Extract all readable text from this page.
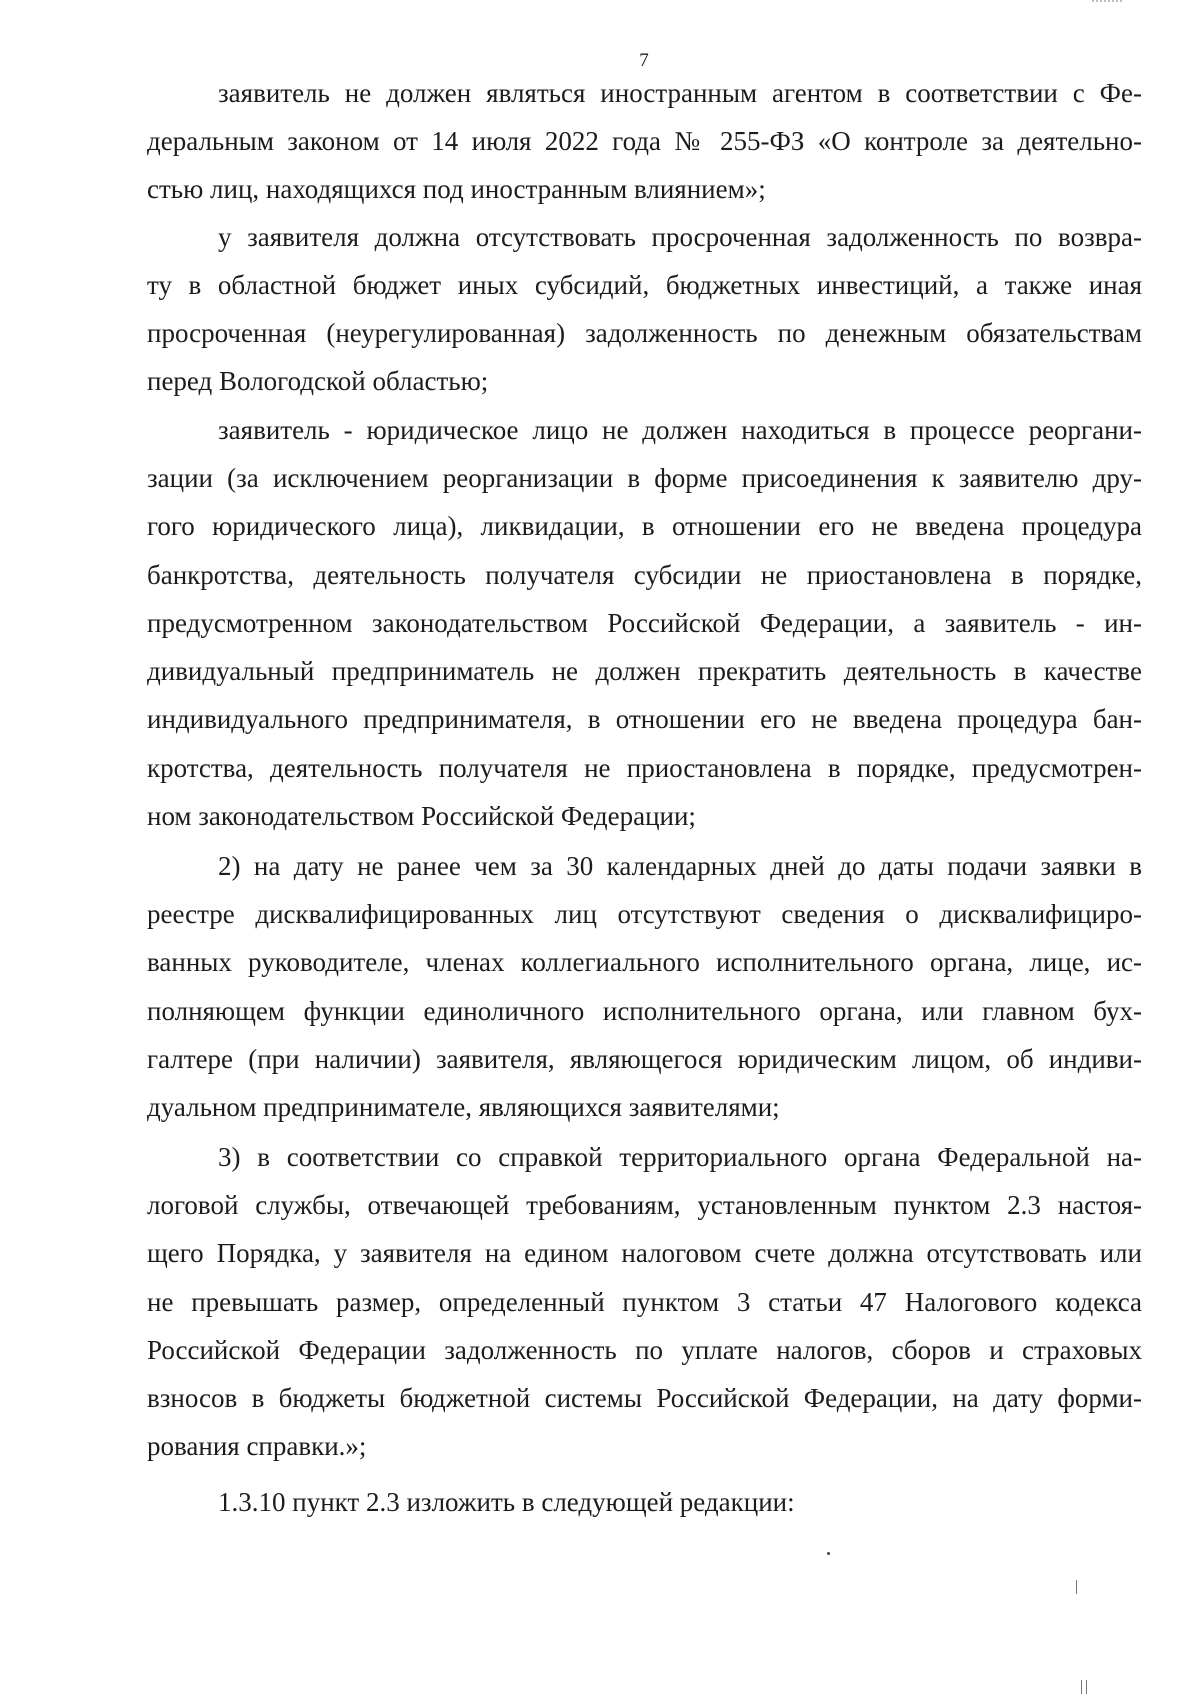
7
заявитель не должен являться иностранным агентом в соответствии с Фе-
деральным законом от 14 июля 2022 года № 255-ФЗ «О контроле за деятельно-
стью лиц, находящихся под иностранным влиянием»;
у заявителя должна отсутствовать просроченная задолженность по возвра-
ту в областной бюджет иных субсидий, бюджетных инвестиций, а также иная
просроченная (неурегулированная) задолженность по денежным обязательствам
перед Вологодской областью;
заявитель - юридическое лицо не должен находиться в процессе реоргани-
зации (за исключением реорганизации в форме присоединения к заявителю дру-
гого юридического лица), ликвидации, в отношении его не введена процедура
банкротства, деятельность получателя субсидии не приостановлена в порядке,
предусмотренном законодательством Российской Федерации, а заявитель - ин-
дивидуальный предприниматель не должен прекратить деятельность в качестве
индивидуального предпринимателя, в отношении его не введена процедура бан-
кротства, деятельность получателя не приостановлена в порядке, предусмотрен-
ном законодательством Российской Федерации;
2) на дату не ранее чем за 30 календарных дней до даты подачи заявки в
реестре дисквалифицированных лиц отсутствуют сведения о дисквалифициро-
ванных руководителе, членах коллегиального исполнительного органа, лице, ис-
полняющем функции единоличного исполнительного органа, или главном бух-
галтере (при наличии) заявителя, являющегося юридическим лицом, об индиви-
дуальном предпринимателе, являющихся заявителями;
3) в соответствии со справкой территориального органа Федеральной на-
логовой службы, отвечающей требованиям, установленным пунктом 2.3 настоя-
щего Порядка, у заявителя на едином налоговом счете должна отсутствовать или
не превышать размер, определенный пунктом 3 статьи 47 Налогового кодекса
Российской Федерации задолженность по уплате налогов, сборов и страховых
взносов в бюджеты бюджетной системы Российской Федерации, на дату форми-
рования справки.»;
1.3.10 пункт 2.3 изложить в следующей редакции:
